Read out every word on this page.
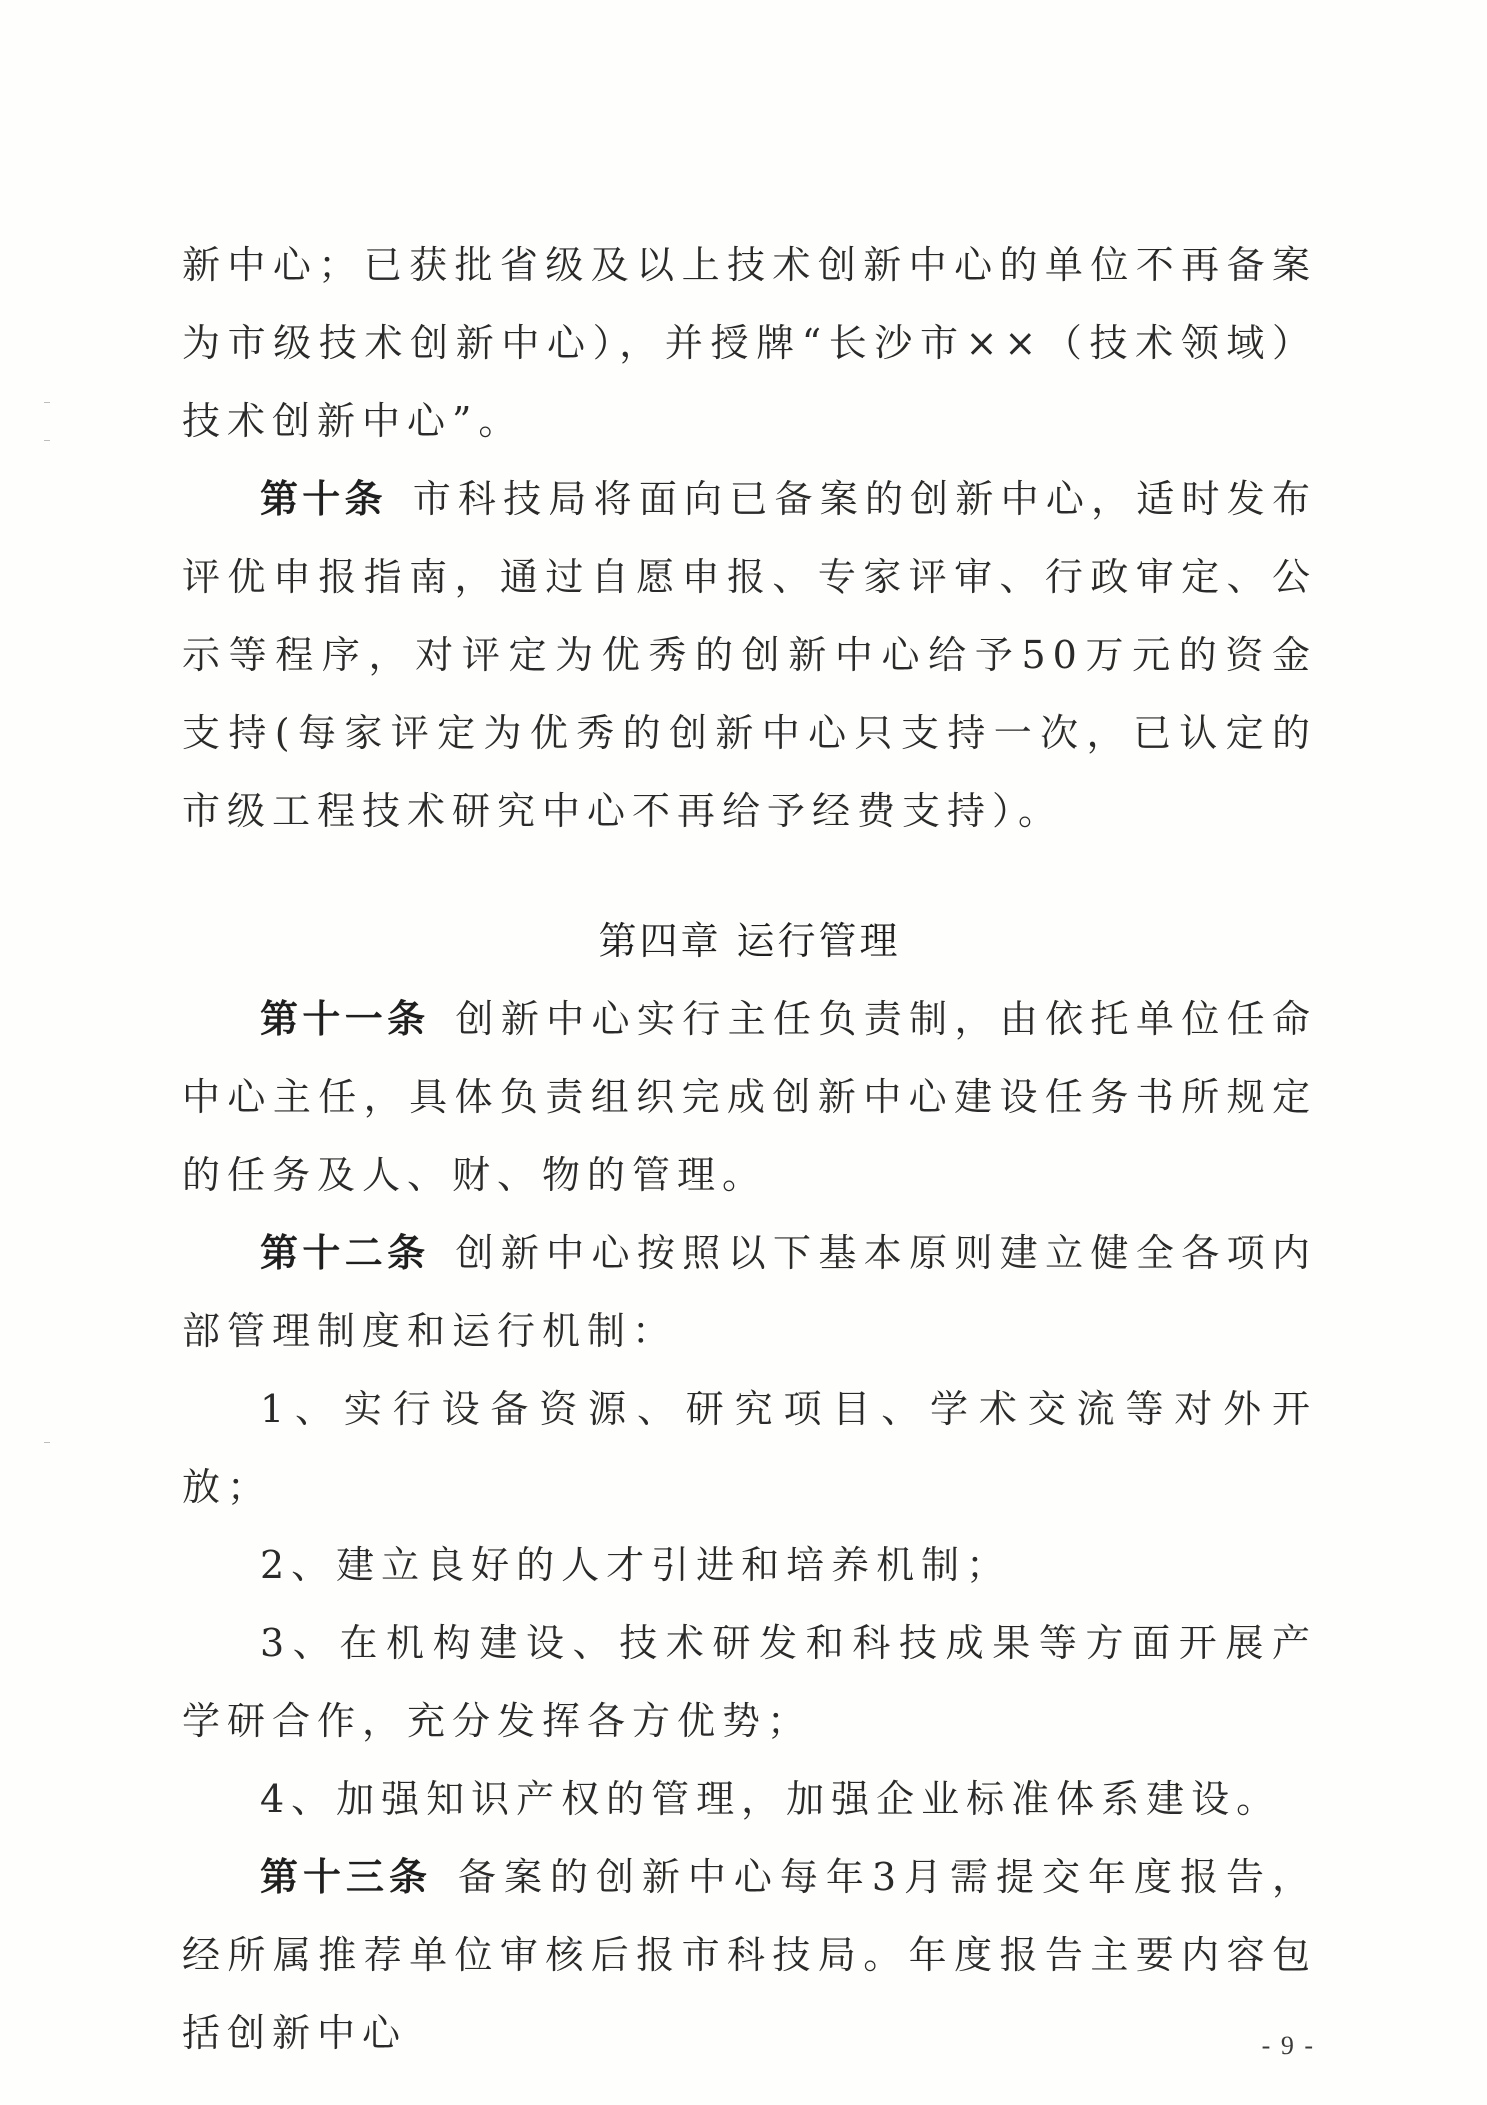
新中心；已获批省级及以上技术创新中心的单位不再备案为市级技术创新中心），并授牌“长沙市××（技术领域）技术创新中心”。

第十条 市科技局将面向已备案的创新中心，适时发布评优申报指南，通过自愿申报、专家评审、行政审定、公示等程序，对评定为优秀的创新中心给予50万元的资金支持(每家评定为优秀的创新中心只支持一次，已认定的市级工程技术研究中心不再给予经费支持）。

第四章 运行管理

第十一条 创新中心实行主任负责制，由依托单位任命中心主任，具体负责组织完成创新中心建设任务书所规定的任务及人、财、物的管理。

第十二条 创新中心按照以下基本原则建立健全各项内部管理制度和运行机制：

1、实行设备资源、研究项目、学术交流等对外开放；

2、建立良好的人才引进和培养机制；

3、在机构建设、技术研发和科技成果等方面开展产学研合作，充分发挥各方优势；

4、加强知识产权的管理，加强企业标准体系建设。

第十三条 备案的创新中心每年3月需提交年度报告，经所属推荐单位审核后报市科技局。年度报告主要内容包括创新中心	- 9 -
